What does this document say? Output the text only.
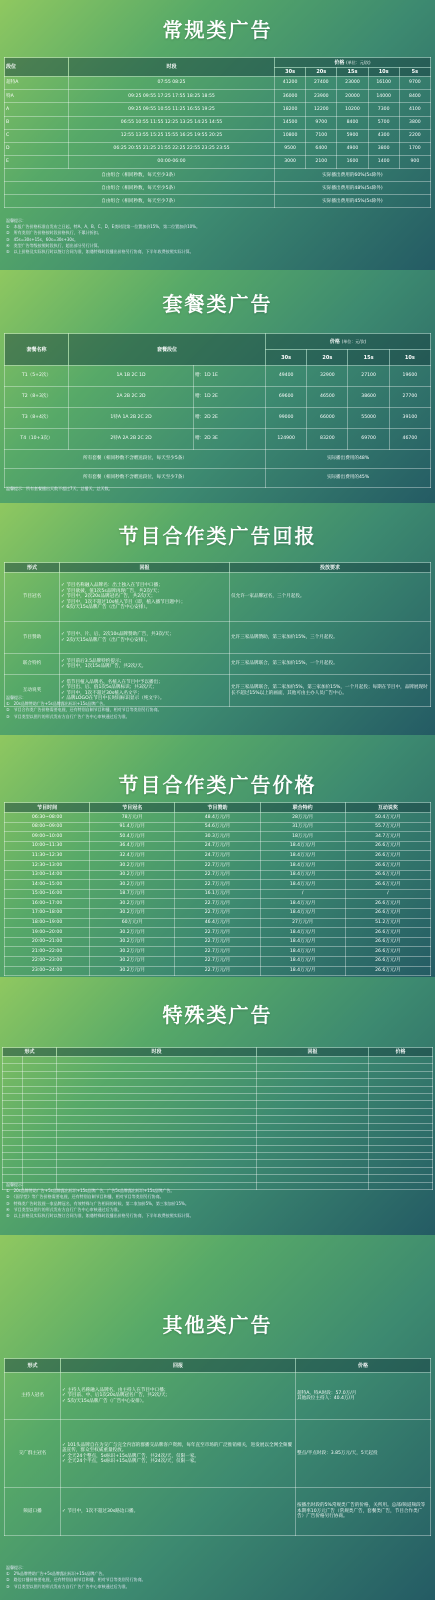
常规类广告
段位	时段	价格 (单位：元/次)				
		30s	20s	15s	10s	5s
超特A	07:55 08:25	41200	27400	23000	16100	9700
特A	09:25 09:55 17:25 17:55 18:25 18:55	36000	23900	20000	14000	8400
A	09:25 09:55 10:55 11:25 16:55 19:25	18200	12200	10200	7300	4100
B	06:55 10:55 11:55 12:25 13:25 14:25 14:55	14500	9700	8400	5700	3800
C	12:55 13:55 15:25 15:55 16:25 19:55 20:25	10800	7100	5900	4300	2200
D	06:25 20:55 21:25 21:55 22:25 22:55 23:25 23:55	9500	6400	4900	3800	1700
E	00:00-06:00	3000	2100	1600	1400	900
自由组合（相同秒数，每天至少3条）		实际播出费用的60%(5s除外)				
自由组合（相同秒数，每天至少5条）		实际播出费用的48%(5s除外)				
自由组合（相同秒数，每天至少7条）		实际播出费用的45%(5s除外)				
温馨提示：
①　本报广告价格标准自发布之日起，特A、A、B、C、D、E类时段第一位置加价15%，第二位置加价10%。
②　所有类别广告价格按时段价格执行，不累计折扣。
③　45s=30s+15s，60s=30s+30s。
④　类型广告等级按照时段执行，超出部分另行计算。
⑤　以上价格及实际执行时以签订合同为准，如遇特殊时段播出价格另行协商，下半年收费按照实际计算。
套餐类广告
套餐名称	套餐段位		价格 (单位：元/次)			
			30s	20s	15s	10s
T1（5+2次）	1A 1B 2C 1D	赠：1D 1E	49400	32900	27100	19600
T2（8+3次）	2A 2B 2C 2D	赠：1D 2E	69600	46500	38600	27700
T3（8+4次）	1特A 1A 2B 2C 2D	赠：2D 2E	99000	66000	55000	39100
T4（10+3次）	2特A 2A 2B 2C 2D	赠：2D 3E	124900	83200	69700	46700
所有套餐（相同秒数不含赠送段位，每天至少5条）			实际播出费用的48%			
所有套餐（相同秒数不含赠送段位，每天至少7条）			实际播出费用的45%			
温馨提示：所有套餐播出天数不超过7天，总播天，总天数。
节目合作类广告回报
形式	回报	投放要求
节目冠名	✓ 节目名称融入品牌名：出土独入在节目中口播；
✓ 节目欲披、值1次5s品牌再现广告，共2次/天；
✓ 节目中，2次20s品牌冠名广告，共2次/天；
✓ 节目中，1次不超过10s植入节目（即，植入播节目题中）；
✓ 6次/天15s品牌广告（出广告中心安排）。	仅允许一家品牌冠名，三个月起投。
节目赞助	✓ 节目中、片、后、2次10s品牌赞助广告，共3次/天；
✓ 2次/天15s品牌广告（出广告中心安排）。	允许三家品牌赞助，第三家加价15%，三个月起投。
联合特约	✓ 节目前后3.5品牌特约提示；
✓ 节目中，1次15s品牌广告，共2次/天。	允许三家品牌联合，第三家加价15%，一个月起投。
互动说奖	✓ 借节目植入品牌名、名植入在节目中予以播出；
✓ 节目出、后、值1次5s品牌标识；共3次/天；
✓ 节目中，1次不超过30s植入名文字；
✓ 品牌LOGO在节目中长时间标识显示（纯文字）。	允许三家品牌联合，第二家加价5%，第三家加价15%，一个月起投；每期在节目中，品牌展现时长不超过15%以上的画面，其他可由主办人员广告中心。
温馨提示：
①　20s品牌赞助广告+5s品牌露出标识+15s品牌广告。
②　节目合作类广告价格需要电视，还有特别自制节目和播，相对节目等类别另行协商。
③　节目类型以图片的形式发布方自行广告广告中心审核通过后为准。
节目合作类广告价格
节目时间	节目冠名	节目赞助	联合特约	互动说奖
06:30~08:00	78万元/月	48.4万元/月	28万元/月	50.4万元/月
08:00~09:00	91.4万元/月	54.6万元/月	31万元/月	55.7万元/月
09:00~10:00	50.4万元/月	30.3万元/月	18万元/月	34.7万元/月
10:00~11:30	36.4万元/月	24.7万元/月	18.4万元/月	26.6万元/月
11:30~12:30	32.4万元/月	24.7万元/月	18.4万元/月	26.6万元/月
12:30~13:00	30.2万元/月	22.7万元/月	18.4万元/月	26.6万元/月
13:00~14:00	30.2万元/月	22.7万元/月	18.4万元/月	26.6万元/月
14:00~15:00	30.2万元/月	22.7万元/月	18.4万元/月	26.6万元/月
15:00~16:00	18.7万元/月	16.1万元/月	/	/
16:00~17:00	30.2万元/月	22.7万元/月	18.4万元/月	26.6万元/月
17:00~18:00	30.2万元/月	22.7万元/月	18.4万元/月	26.6万元/月
18:00~19:00	60万元/月	46.4万元/月	27万元/月	51.2万元/月
19:00~20:00	30.2万元/月	22.7万元/月	18.4万元/月	26.6万元/月
20:00~21:00	30.2万元/月	22.7万元/月	18.4万元/月	26.6万元/月
21:00~22:00	30.2万元/月	22.7万元/月	18.4万元/月	26.6万元/月
22:00~23:00	30.2万元/月	22.7万元/月	18.4万元/月	26.6万元/月
23:00~24:00	30.2万元/月	22.7万元/月	18.4万元/月	26.6万元/月
特殊类广告
形式		时段	回报	价格

温馨提示：
①　20s品牌赞助广告+5s品牌露出标识+15s品牌广告，广告5s品牌露出标识+15s品牌广告。
②　《国学堂》等广告价格需要电视，还有特别自制节目和播，相对节目等类别另行协商。
③　特殊类广告时段视一家品牌冠名，有效特殊与广告相同的时候，第二家加价5%，第三家加价15%。
④　节目类型以图片的形式发布方自行广告中心审核通过后为准。
⑤　以上价格及实际执行时以签订合同为准，如遇特殊时段播出价格另行协商，下半年收费按照实际计算。
其他类广告
形式	回报	价格
主持人冠名	✓ 主持人名称融入品牌名，由主持人在节目中口播；
✓ 节目前、中、后1次20s品牌冠名广告，共2次/天；
✓ 5次/天15s品牌广告（广告中心安排）。	超特A、特A时段：57.0万/月
其他段位主持人：40.4万/月
交广群主冠名	✓ 101头品牌自在为交广与完全内容的群播交品牌客户资源，每年直至市场的广泛推销相关，进发展以全网全频覆盖宣传，群众至权威重量投放。
✓ 全天24个整点，5s标识+15s品牌广告，共24次/天，仅限一家。
✓ 全天24个半点，5s标识+15s品牌广告，共24次/天，仅限一家。	整点/半点时段：3.85万元/天，5天起投
频道口播	✓ 节目中，1次不超过30s路边口播。	按播出时段的5%常规类广告的价格，关所用。总部/频道频段等本期率10万元广告（常规类广告，套餐类广告，节目合作类广告）广告价格另行协商。
温馨提示：
①　2%品牌赞助广告+5s品牌露出标识+15s品牌广告。
②　路边口播价格要电视，还有特别自制节目和播，相对节目等类别另行协商。
③　节目类型以图片的形式发布方自行广告广告中心审核通过后为准。
